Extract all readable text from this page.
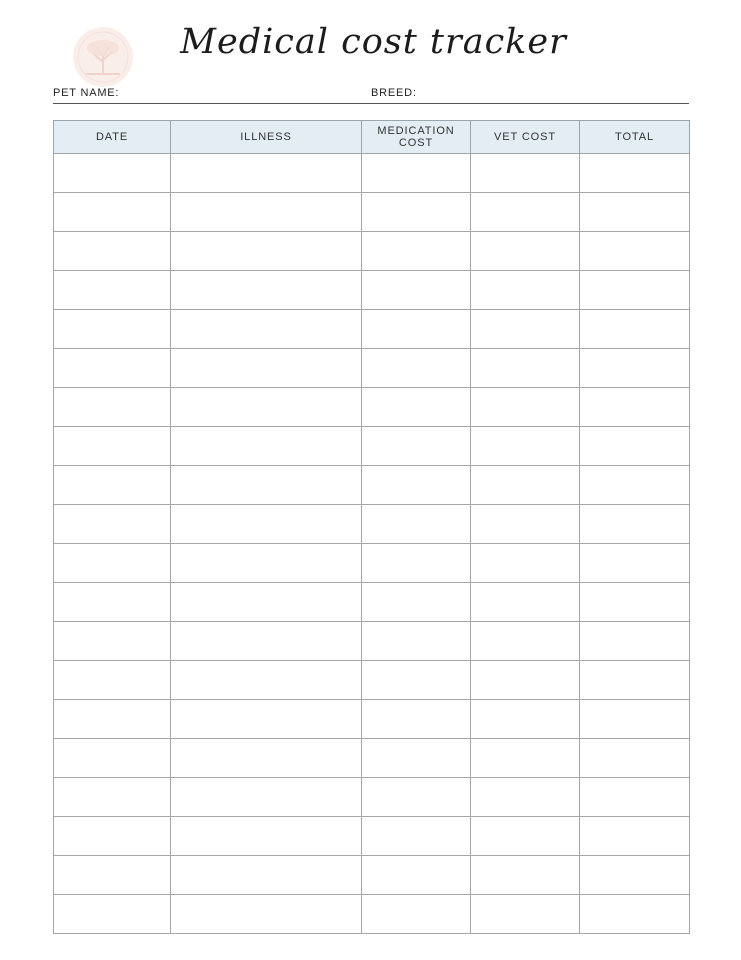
Medical cost tracker
PET NAME:	BREED:
DATE	ILLNESS	MEDICATION COST	VET COST	TOTAL
